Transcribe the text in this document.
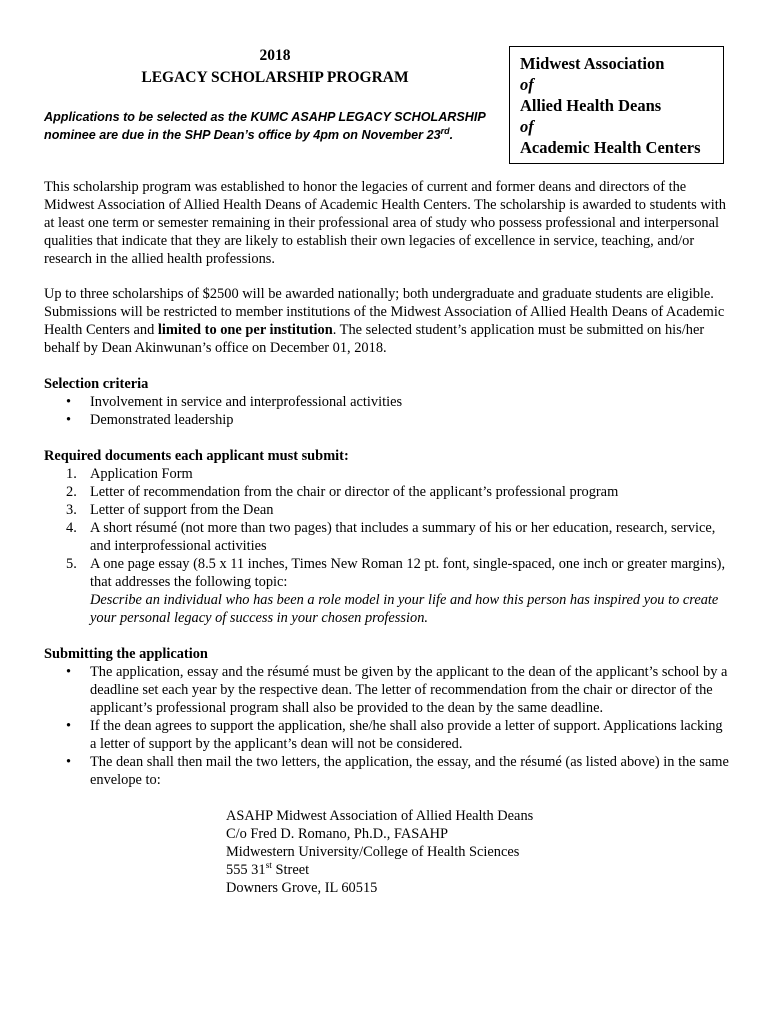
2018
LEGACY SCHOLARSHIP PROGRAM
Applications to be selected as the KUMC ASAHP LEGACY SCHOLARSHIP nominee are due in the SHP Dean’s office by 4pm on November 23rd.
Midwest Association
of
Allied Health Deans
of
Academic Health Centers

This scholarship program was established to honor the legacies of current and former deans and directors of the Midwest Association of Allied Health Deans of Academic Health Centers. The scholarship is awarded to students with at least one term or semester remaining in their professional area of study who possess professional and interpersonal qualities that indicate that they are likely to establish their own legacies of excellence in service, teaching, and/or research in the allied health professions.

Up to three scholarships of $2500 will be awarded nationally; both undergraduate and graduate students are eligible. Submissions will be restricted to member institutions of the Midwest Association of Allied Health Deans of Academic Health Centers and limited to one per institution. The selected student’s application must be submitted on his/her behalf by Dean Akinwunan’s office on December 01, 2018.

Selection criteria
• Involvement in service and interprofessional activities
• Demonstrated leadership
Required documents each applicant must submit:
1. Application Form
2. Letter of recommendation from the chair or director of the applicant’s professional program
3. Letter of support from the Dean
4. A short résumé (not more than two pages) that includes a summary of his or her education, research, service, and interprofessional activities
5. A one page essay (8.5 x 11 inches, Times New Roman 12 pt. font, single-spaced, one inch or greater margins), that addresses the following topic:
Describe an individual who has been a role model in your life and how this person has inspired you to create your personal legacy of success in your chosen profession.
Submitting the application
• The application, essay and the résumé must be given by the applicant to the dean of the applicant’s school by a deadline set each year by the respective dean. The letter of recommendation from the chair or director of the applicant’s professional program shall also be provided to the dean by the same deadline.
• If the dean agrees to support the application, she/he shall also provide a letter of support. Applications lacking a letter of support by the applicant’s dean will not be considered.
• The dean shall then mail the two letters, the application, the essay, and the résumé (as listed above) in the same envelope to:
ASAHP Midwest Association of Allied Health Deans
C/o Fred D. Romano, Ph.D., FASAHP
Midwestern University/College of Health Sciences
555 31st Street
Downers Grove, IL 60515
